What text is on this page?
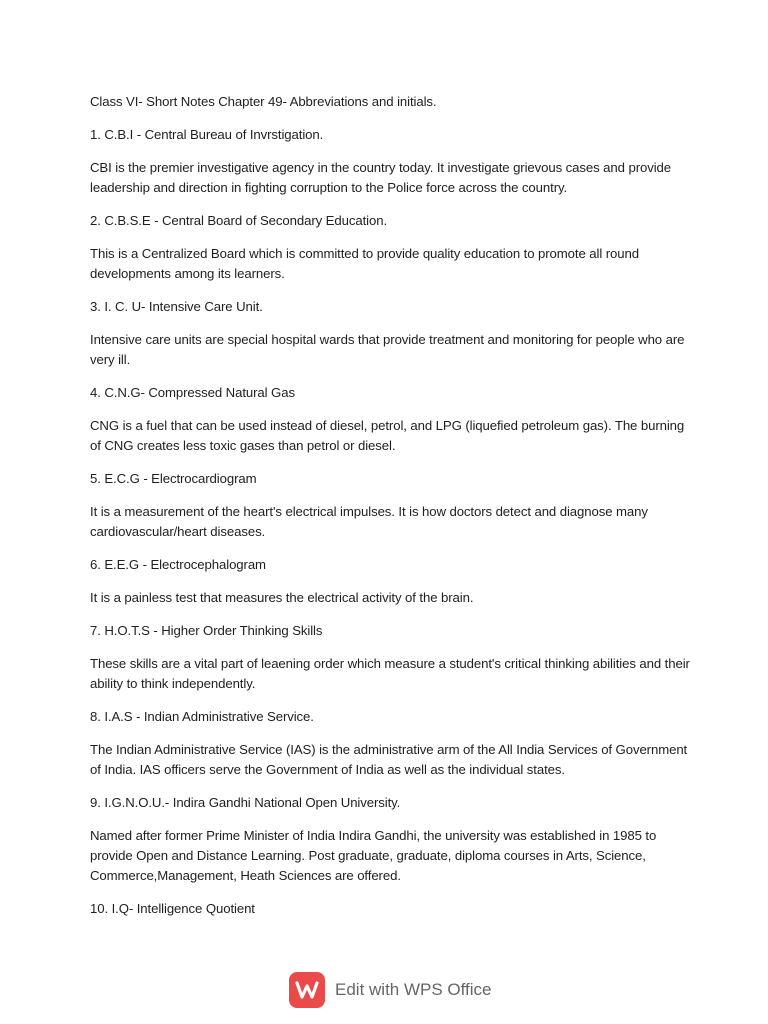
Class VI- Short Notes Chapter 49- Abbreviations and initials.

1. C.B.I - Central Bureau of Invrstigation.

CBI is the premier investigative agency in the country today. It investigate grievous cases and provide leadership and direction in fighting corruption to the Police force across the country.

2. C.B.S.E - Central Board of Secondary Education.

This is a Centralized Board which is committed to provide quality education to promote all round developments among its learners.

3. I. C. U- Intensive Care Unit.

Intensive care units are special hospital wards that provide treatment and monitoring for people who are very ill.

4. C.N.G- Compressed Natural Gas

CNG is a fuel that can be used instead of diesel, petrol, and LPG (liquefied petroleum gas). The burning of CNG creates less toxic gases than petrol or diesel.

5. E.C.G - Electrocardiogram

It is a measurement of the heart's electrical impulses. It is how doctors detect and diagnose many cardiovascular/heart diseases.

6. E.E.G - Electrocephalogram

It is a painless test that measures the electrical activity of the brain.

7. H.O.T.S - Higher Order Thinking Skills

These skills are a vital part of leaening order which measure a student's critical thinking abilities and their ability to think independently.

8. I.A.S - Indian Administrative Service.

The Indian Administrative Service (IAS) is the administrative arm of the All India Services of Government of India. IAS officers serve the Government of India as well as the individual states.

9. I.G.N.O.U.- Indira Gandhi National Open University.

Named after former Prime Minister of India Indira Gandhi, the university was established in 1985 to provide Open and Distance Learning. Post graduate, graduate, diploma courses in Arts, Science, Commerce,Management, Heath Sciences are offered.

10. I.Q- Intelligence Quotient

Edit with WPS Office
